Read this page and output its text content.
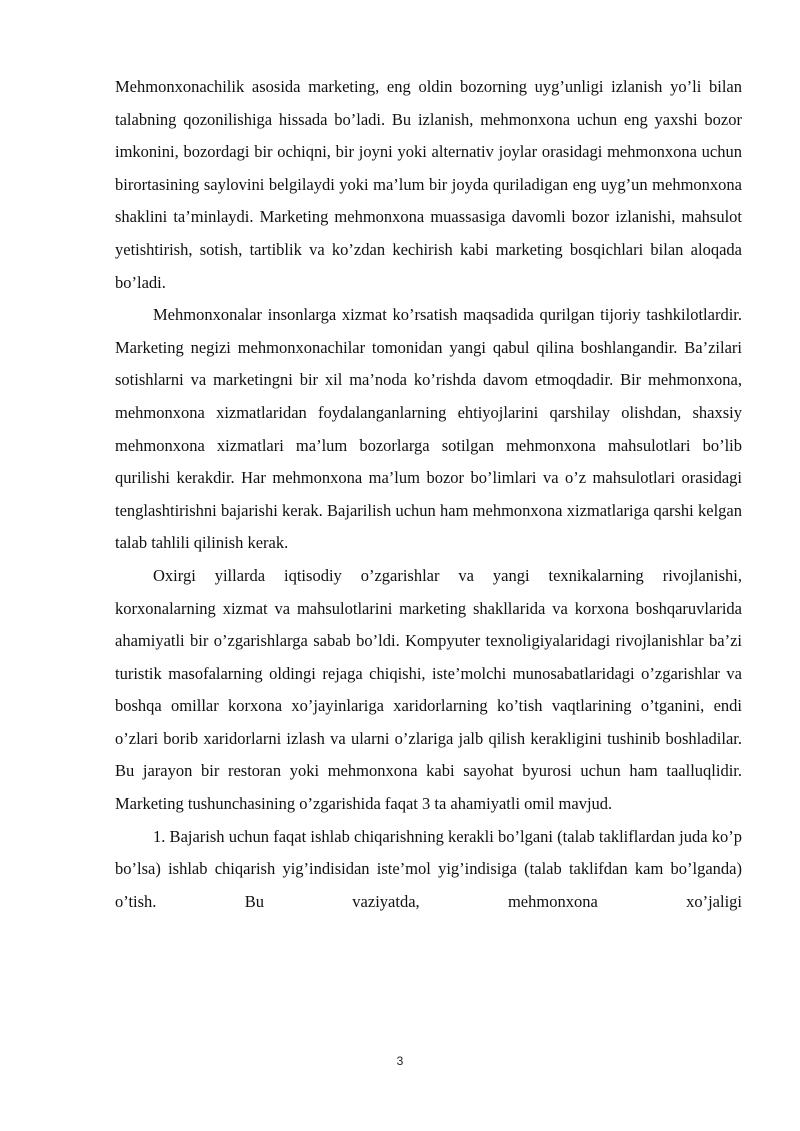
Mehmonxonachilik asosida marketing, eng oldin bozorning uyg’unligi izlanish yo’li bilan talabning qozonilishiga hissada bo’ladi. Bu izlanish, mehmonxona uchun eng yaxshi bozor imkonini, bozordagi bir ochiqni, bir joyni yoki alternativ joylar orasidagi mehmonxona uchun birortasining saylovini belgilaydi yoki ma’lum bir joyda quriladigan eng uyg’un mehmonxona shaklini ta’minlaydi. Marketing mehmonxona muassasiga davomli bozor izlanishi, mahsulot yetishtirish, sotish, tartiblik va ko’zdan kechirish kabi marketing bosqichlari bilan aloqada bo’ladi.

Mehmonxonalar insonlarga xizmat ko’rsatish maqsadida qurilgan tijoriy tashkilotlardir. Marketing negizi mehmonxonachilar tomonidan yangi qabul qilina boshlangandir. Ba’zilari sotishlarni va marketingni bir xil ma’noda ko’rishda davom etmoqdadir. Bir mehmonxona, mehmonxona xizmatlaridan foydalanganlarning ehtiyojlarini qarshilay olishdan, shaxsiy mehmonxona xizmatlari ma’lum bozorlarga sotilgan mehmonxona mahsulotlari bo’lib qurilishi kerakdir. Har mehmonxona ma’lum bozor bo’limlari va o’z mahsulotlari orasidagi tenglashtirishni bajarishi kerak. Bajarilish uchun ham mehmonxona xizmatlariga qarshi kelgan talab tahlili qilinish kerak.

Oxirgi yillarda iqtisodiy o’zgarishlar va yangi texnikalarning rivojlanishi, korxonalarning xizmat va mahsulotlarini marketing shakllarida va korxona boshqaruvlarida ahamiyatli bir o’zgarishlarga sabab bo’ldi. Kompyuter texnoligiyalaridagi rivojlanishlar ba’zi turistik masofalarning oldingi rejaga chiqishi, iste’molchi munosabatlaridagi o’zgarishlar va boshqa omillar korxona xo’jayinlariga xaridorlarning ko’tish vaqtlarining o’tganini, endi o’zlari borib xaridorlarni izlash va ularni o’zlariga jalb qilish kerakligini tushinib boshladilar. Bu jarayon bir restoran yoki mehmonxona kabi sayohat byurosi uchun ham taalluqlidir. Marketing tushunchasining o’zgarishida faqat 3 ta ahamiyatli omil mavjud.

1. Bajarish uchun faqat ishlab chiqarishning kerakli bo’lgani (talab takliflardan juda ko’p bo’lsa) ishlab chiqarish yig’indisidan iste’mol yig’indisiga (talab taklifdan kam bo’lganda) o’tish. Bu vaziyatda, mehmonxona xo’jaligi

3
